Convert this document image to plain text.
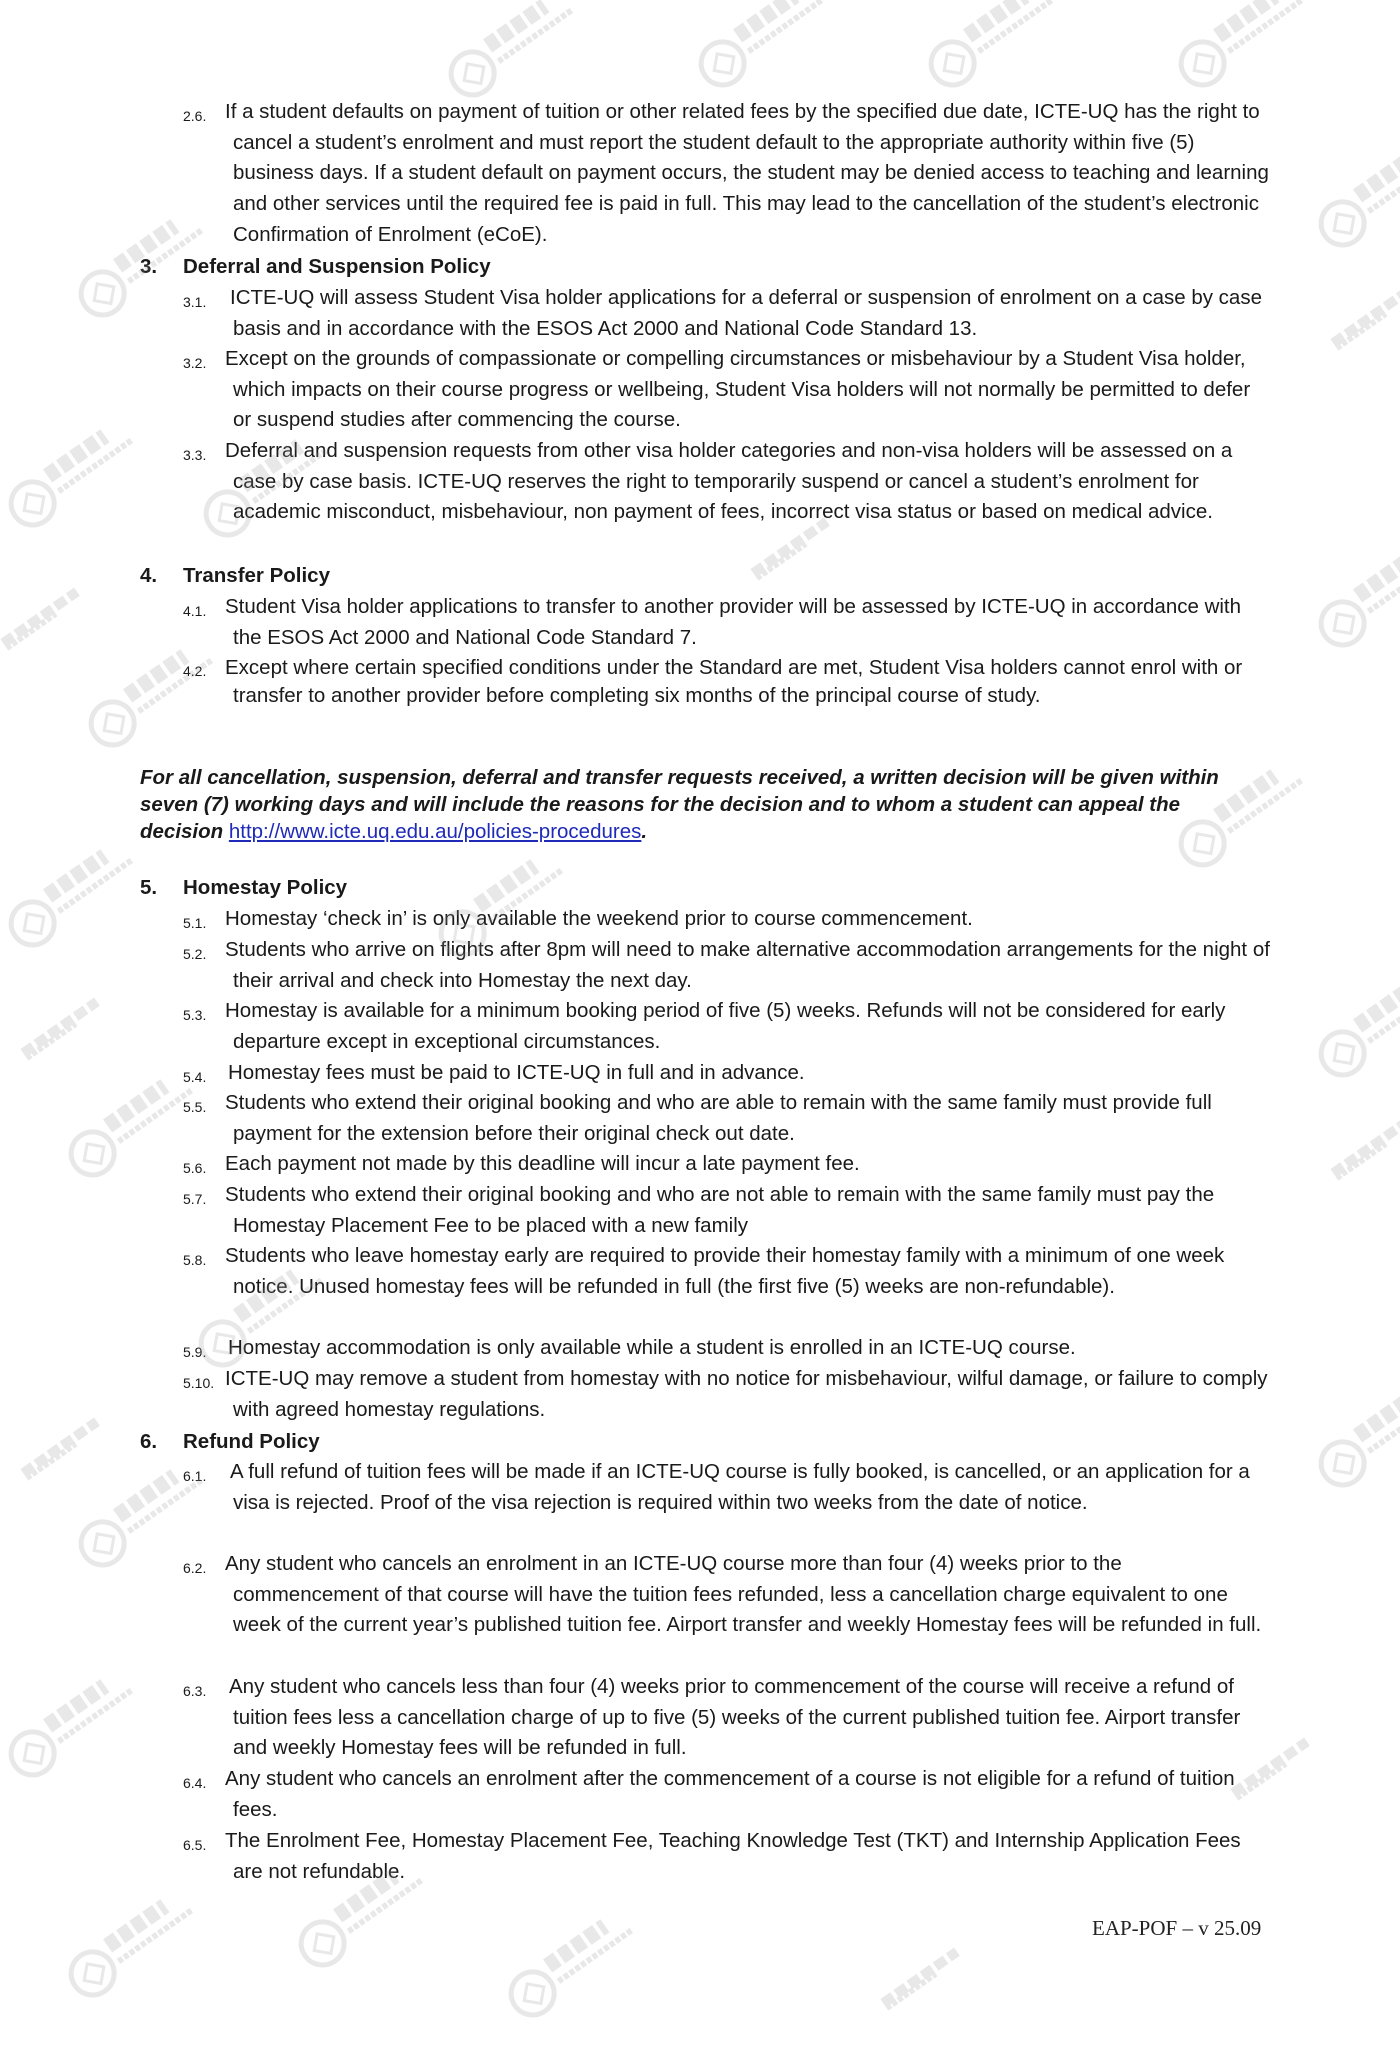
2.6. If a student defaults on payment of tuition or other related fees by the specified due date, ICTE-UQ has the right to cancel a student’s enrolment and must report the student default to the appropriate authority within five (5) business days. If a student default on payment occurs, the student may be denied access to teaching and learning and other services until the required fee is paid in full. This may lead to the cancellation of the student’s electronic Confirmation of Enrolment (eCoE).
3. Deferral and Suspension Policy
3.1.	ICTE-UQ will assess Student Visa holder applications for a deferral or suspension of enrolment on a case by case basis and in accordance with the ESOS Act 2000 and National Code Standard 13.
3.2. Except on the grounds of compassionate or compelling circumstances or misbehaviour by a Student Visa holder, which impacts on their course progress or wellbeing, Student Visa holders will not normally be permitted to defer or suspend studies after commencing the course.
3.3. Deferral and suspension requests from other visa holder categories and non-visa holders will be assessed on a case by case basis. ICTE-UQ reserves the right to temporarily suspend or cancel a student’s enrolment for academic misconduct, misbehaviour, non payment of fees, incorrect visa status or based on medical advice.
4. Transfer Policy
4.1. Student Visa holder applications to transfer to another provider will be assessed by ICTE-UQ in accordance with the ESOS Act 2000 and National Code Standard 7.
4.2. Except where certain specified conditions under the Standard are met, Student Visa holders cannot enrol with or transfer to another provider before completing six months of the principal course of study.
For all cancellation, suspension, deferral and transfer requests received, a written decision will be given within seven (7) working days and will include the reasons for the decision and to whom a student can appeal the decision http://www.icte.uq.edu.au/policies-procedures.
5. Homestay Policy
5.1. Homestay ‘check in’ is only available the weekend prior to course commencement.
5.2. Students who arrive on flights after 8pm will need to make alternative accommodation arrangements for the night of their arrival and check into Homestay the next day.
5.3. Homestay is available for a minimum booking period of five (5) weeks. Refunds will not be considered for early departure except in exceptional circumstances.
5.4.	Homestay fees must be paid to ICTE-UQ in full and in advance.
5.5. Students who extend their original booking and who are able to remain with the same family must provide full payment for the extension before their original check out date.
5.6. Each payment not made by this deadline will incur a late payment fee.
5.7. Students who extend their original booking and who are not able to remain with the same family must pay the Homestay Placement Fee to be placed with a new family
5.8. Students who leave homestay early are required to provide their homestay family with a minimum of one week notice. Unused homestay fees will be refunded in full (the first five (5) weeks are non-refundable).
5.9.	Homestay accommodation is only available while a student is enrolled in an ICTE-UQ course.
5.10. ICTE-UQ may remove a student from homestay with no notice for misbehaviour, wilful damage, or failure to comply with agreed homestay regulations.
6. Refund Policy
6.1.	A full refund of tuition fees will be made if an ICTE-UQ course is fully booked, is cancelled, or an application for a visa is rejected. Proof of the visa rejection is required within two weeks from the date of notice.
6.2. Any student who cancels an enrolment in an ICTE-UQ course more than four (4) weeks prior to the commencement of that course will have the tuition fees refunded, less a cancellation charge equivalent to one week of the current year’s published tuition fee. Airport transfer and weekly Homestay fees will be refunded in full.
6.3.	Any student who cancels less than four (4) weeks prior to commencement of the course will receive a refund of tuition fees less a cancellation charge of up to five (5) weeks of the current published tuition fee. Airport transfer and weekly Homestay fees will be refunded in full.
6.4. Any student who cancels an enrolment after the commencement of a course is not eligible for a refund of tuition fees.
6.5. The Enrolment Fee, Homestay Placement Fee, Teaching Knowledge Test (TKT) and Internship Application Fees are not refundable.
EAP-POF – v 25.09
